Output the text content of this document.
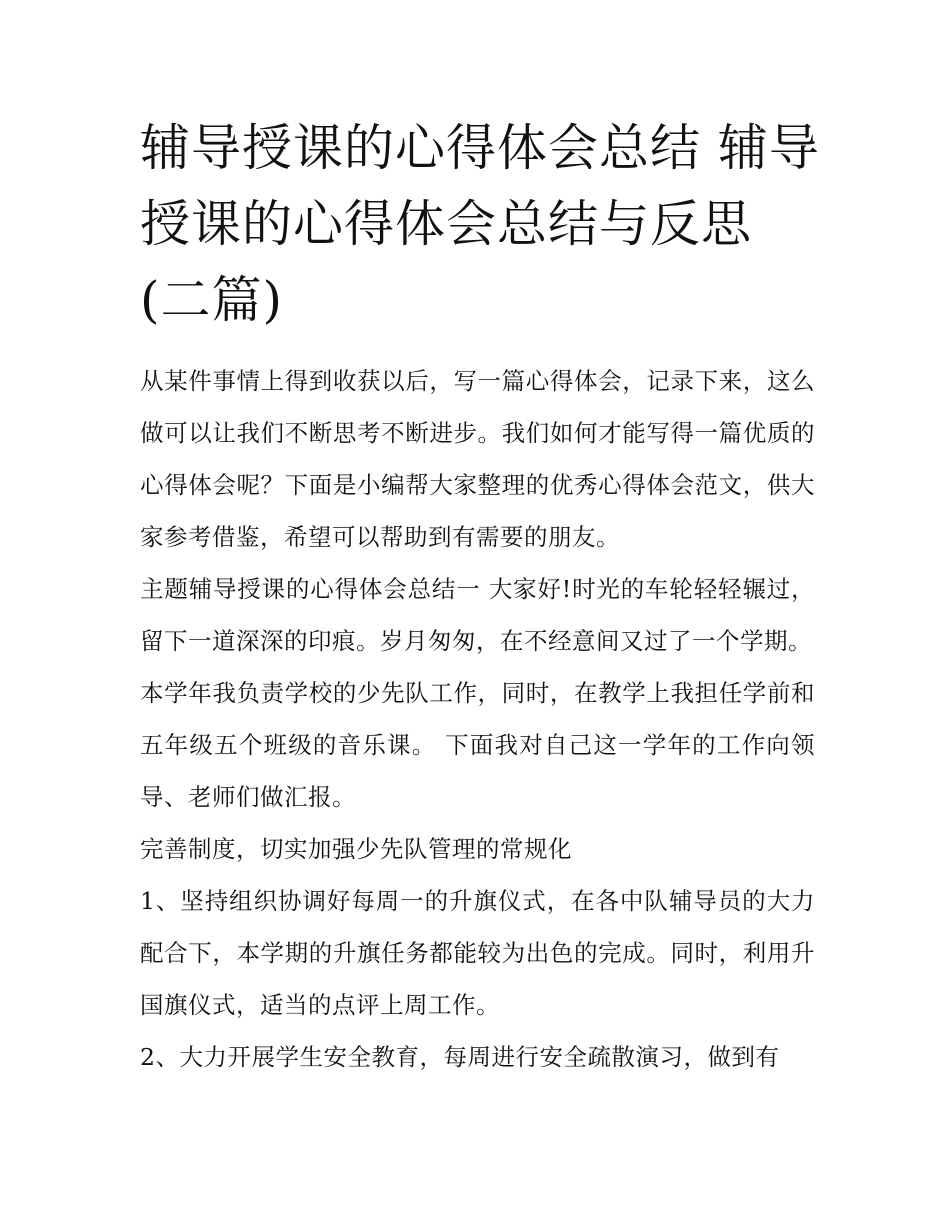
辅导授课的心得体会总结 辅导授课的心得体会总结与反思(二篇)

从某件事情上得到收获以后，写一篇心得体会，记录下来，这么做可以让我们不断思考不断进步。我们如何才能写得一篇优质的心得体会呢？下面是小编帮大家整理的优秀心得体会范文，供大家参考借鉴，希望可以帮助到有需要的朋友。

主题辅导授课的心得体会总结一 大家好!时光的车轮轻轻辗过，留下一道深深的印痕。岁月匆匆，在不经意间又过了一个学期。

本学年我负责学校的少先队工作，同时，在教学上我担任学前和五年级五个班级的音乐课。 下面我对自己这一学年的工作向领导、老师们做汇报。

完善制度，切实加强少先队管理的常规化

1、坚持组织协调好每周一的升旗仪式，在各中队辅导员的大力配合下，本学期的升旗任务都能较为出色的完成。同时，利用升国旗仪式，适当的点评上周工作。

2、大力开展学生安全教育，每周进行安全疏散演习，做到有
